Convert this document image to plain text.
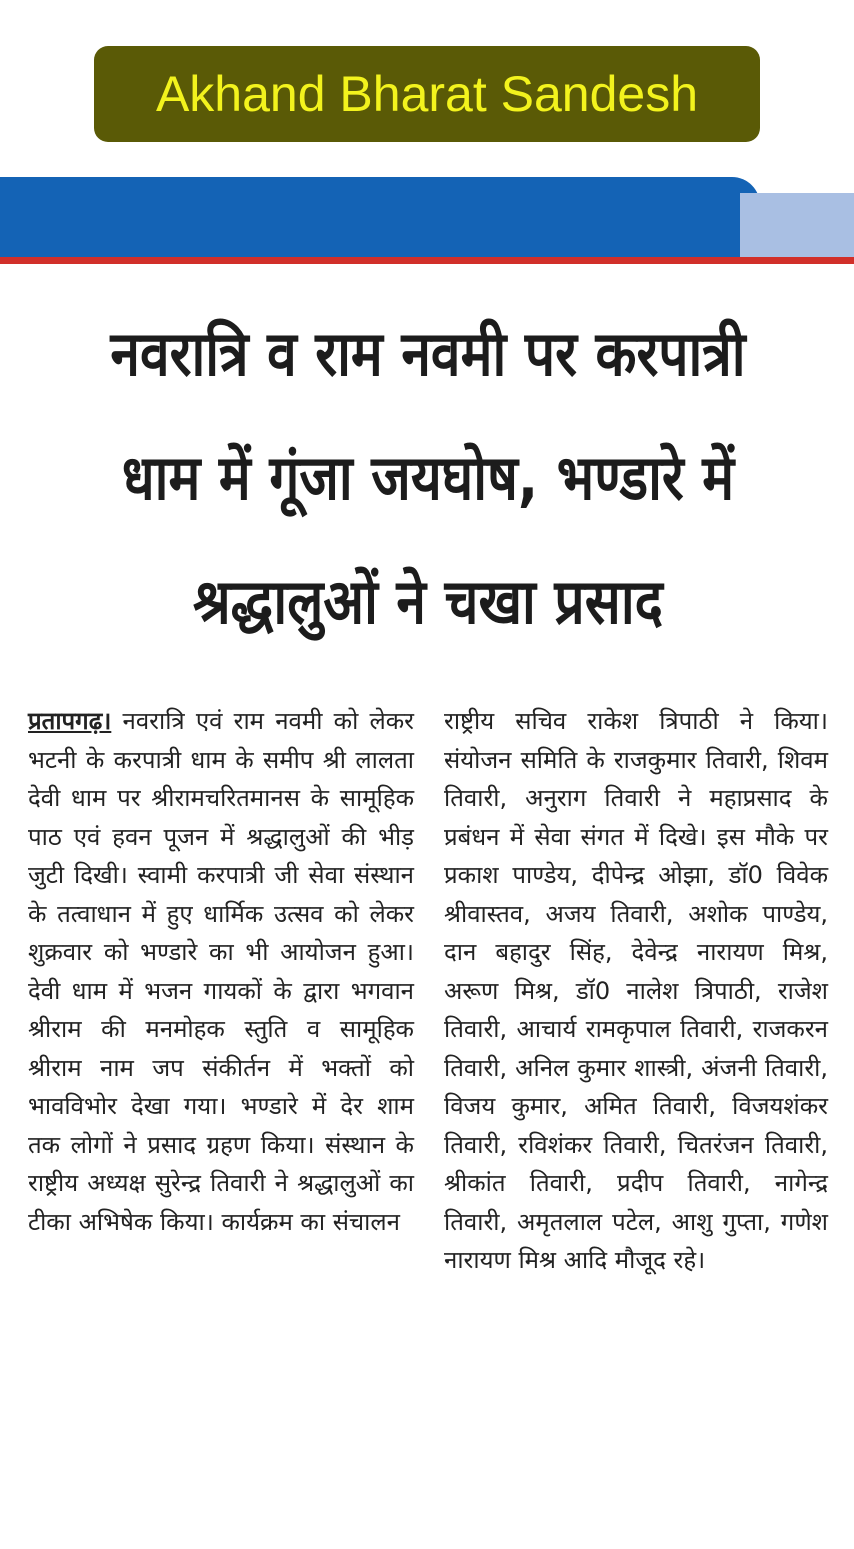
Akhand Bharat Sandesh
नवरात्रि व राम नवमी पर करपात्री धाम में गूंजा जयघोष, भण्डारे में श्रद्धालुओं ने चखा प्रसाद

प्रतापगढ़। नवरात्रि एवं राम नवमी को लेकर भटनी के करपात्री धाम के समीप श्री लालता देवी धाम पर श्रीरामचरितमानस के सामूहिक पाठ एवं हवन पूजन में श्रद्धालुओं की भीड़ जुटी दिखी। स्वामी करपात्री जी सेवा संस्थान के तत्वाधान में हुए धार्मिक उत्सव को लेकर शुक्रवार को भण्डारे का भी आयोजन हुआ। देवी धाम में भजन गायकों के द्वारा भगवान श्रीराम की मनमोहक स्तुति व सामूहिक श्रीराम नाम जप संकीर्तन में भक्तों को भावविभोर देखा गया। भण्डारे में देर शाम तक लोगों ने प्रसाद ग्रहण किया। संस्थान के राष्ट्रीय अध्यक्ष सुरेन्द्र तिवारी ने श्रद्धालुओं का टीका अभिषेक किया। कार्यक्रम का संचालन

राष्ट्रीय सचिव राकेश त्रिपाठी ने किया। संयोजन समिति के राजकुमार तिवारी, शिवम तिवारी, अनुराग तिवारी ने महाप्रसाद के प्रबंधन में सेवा संगत में दिखे। इस मौके पर प्रकाश पाण्डेय, दीपेन्द्र ओझा, डॉ0 विवेक श्रीवास्तव, अजय तिवारी, अशोक पाण्डेय, दान बहादुर सिंह, देवेन्द्र नारायण मिश्र, अरूण मिश्र, डॉ0 नालेश त्रिपाठी, राजेश तिवारी, आचार्य रामकृपाल तिवारी, राजकरन तिवारी, अनिल कुमार शास्त्री, अंजनी तिवारी, विजय कुमार, अमित तिवारी, विजयशंकर तिवारी, रविशंकर तिवारी, चितरंजन तिवारी, श्रीकांत तिवारी, प्रदीप तिवारी, नागेन्द्र तिवारी, अमृतलाल पटेल, आशु गुप्ता, गणेश नारायण मिश्र आदि मौजूद रहे।
